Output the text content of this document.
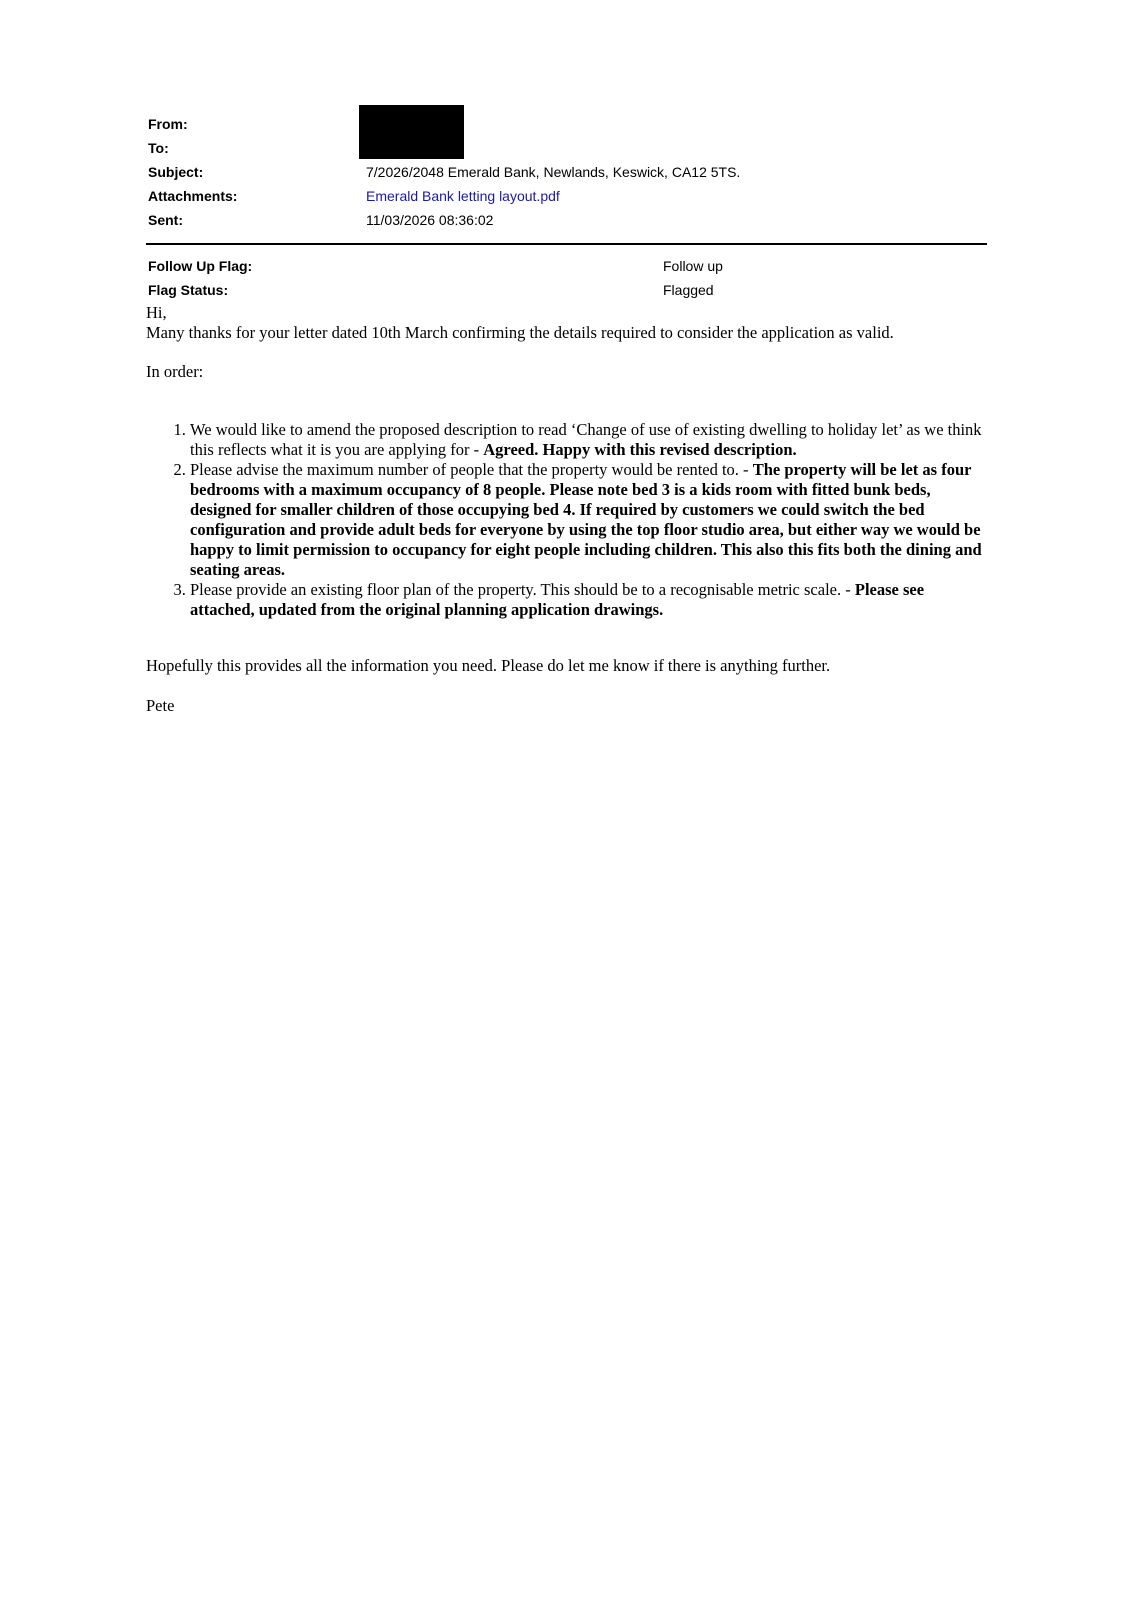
From:
To:
Subject:	7/2026/2048 Emerald Bank, Newlands, Keswick, CA12 5TS.
Attachments:	Emerald Bank letting layout.pdf
Sent:	11/03/2026 08:36:02
Follow Up Flag:	Follow up
Flag Status:	Flagged
Hi,
Many thanks for your letter dated 10th March confirming the details required to consider the application as valid.
In order:
1. We would like to amend the proposed description to read ‘Change of use of existing dwelling to holiday let’ as we think this reflects what it is you are applying for - Agreed. Happy with this revised description.
2. Please advise the maximum number of people that the property would be rented to. - The property will be let as four bedrooms with a maximum occupancy of 8 people. Please note bed 3 is a kids room with fitted bunk beds, designed for smaller children of those occupying bed 4. If required by customers we could switch the bed configuration and provide adult beds for everyone by using the top floor studio area, but either way we would be happy to limit permission to occupancy for eight people including children. This also this fits both the dining and seating areas.
3. Please provide an existing floor plan of the property. This should be to a recognisable metric scale. - Please see attached, updated from the original planning application drawings.
Hopefully this provides all the information you need. Please do let me know if there is anything further.
Pete
